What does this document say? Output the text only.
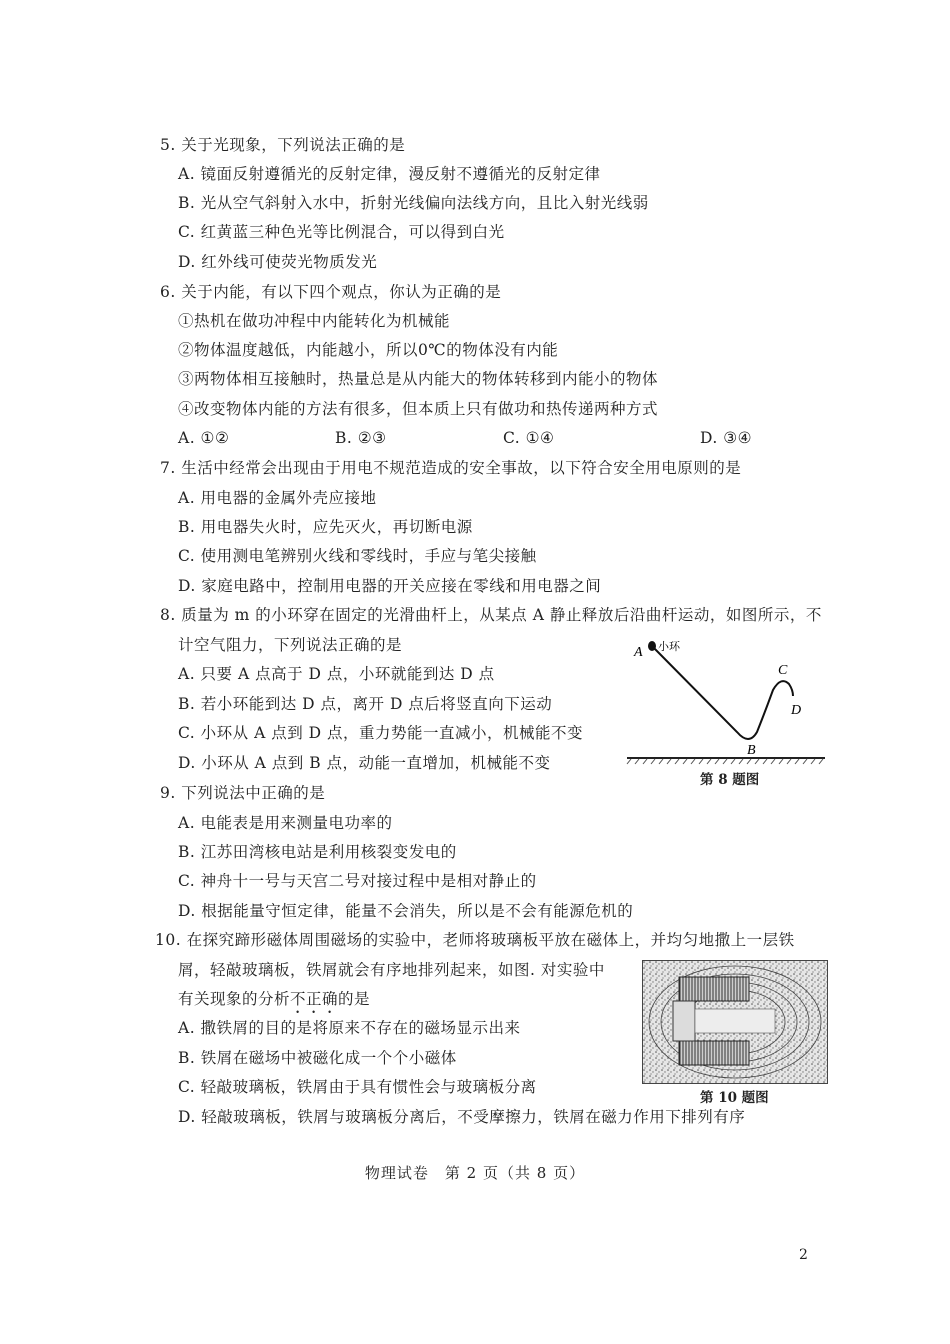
5. 关于光现象，下列说法正确的是
A. 镜面反射遵循光的反射定律，漫反射不遵循光的反射定律
B. 光从空气斜射入水中，折射光线偏向法线方向，且比入射光线弱
C. 红黄蓝三种色光等比例混合，可以得到白光
D. 红外线可使荧光物质发光
6. 关于内能，有以下四个观点，你认为正确的是
①热机在做功冲程中内能转化为机械能
②物体温度越低，内能越小，所以0℃的物体没有内能
③两物体相互接触时，热量总是从内能大的物体转移到内能小的物体
④改变物体内能的方法有很多，但本质上只有做功和热传递两种方式
A. ①②	B. ②③	C. ①④	D. ③④
7. 生活中经常会出现由于用电不规范造成的安全事故，以下符合安全用电原则的是
A. 用电器的金属外壳应接地
B. 用电器失火时，应先灭火，再切断电源
C. 使用测电笔辨别火线和零线时，手应与笔尖接触
D. 家庭电路中，控制用电器的开关应接在零线和用电器之间
8. 质量为 m 的小环穿在固定的光滑曲杆上，从某点 A 静止释放后沿曲杆运动，如图所示，不
计空气阻力，下列说法正确的是
A. 只要 A 点高于 D 点，小环就能到达 D 点
B. 若小环能到达 D 点，离开 D 点后将竖直向下运动
C. 小环从 A 点到 D 点，重力势能一直减小，机械能不变
D. 小环从 A 点到 B 点，动能一直增加，机械能不变
A 小环
B
C
D
第 8 题图
9. 下列说法中正确的是
A. 电能表是用来测量电功率的
B. 江苏田湾核电站是利用核裂变发电的
C. 神舟十一号与天宫二号对接过程中是相对静止的
D. 根据能量守恒定律，能量不会消失，所以是不会有能源危机的
10. 在探究蹄形磁体周围磁场的实验中，老师将玻璃板平放在磁体上，并均匀地撒上一层铁
屑，轻敲玻璃板，铁屑就会有序地排列起来，如图. 对实验中
有关现象的分析不正确的是
A. 撒铁屑的目的是将原来不存在的磁场显示出来
B. 铁屑在磁场中被磁化成一个个小磁体
C. 轻敲玻璃板，铁屑由于具有惯性会与玻璃板分离
D. 轻敲玻璃板，铁屑与玻璃板分离后，不受摩擦力，铁屑在磁力作用下排列有序
第 10 题图
物理试卷　第 2 页（共 8 页）
2
